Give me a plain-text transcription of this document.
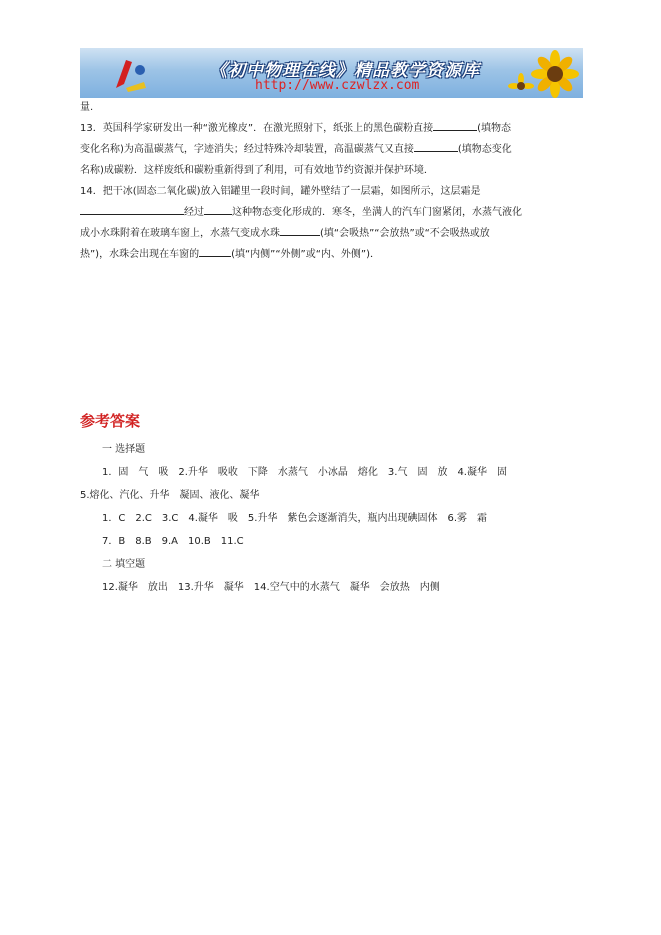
《初中物理在线》精品教学资源库
http://www.czwlzx.com
量.
13．英国科学家研发出一种“激光橡皮”．在激光照射下，纸张上的黑色碳粉直接	(填物态
变化名称)为高温碳蒸气，字迹消失；经过特殊冷却装置，高温碳蒸气又直接	(填物态变化
名称)成碳粉．这样废纸和碳粉重新得到了利用，可有效地节约资源并保护环境．
14．把干冰(固态二氧化碳)放入铝罐里一段时间，罐外壁结了一层霜，如图所示，这层霜是
经过	这种物态变化形成的．寒冬，坐满人的汽车门窗紧闭，水蒸气液化
成小水珠附着在玻璃车窗上，水蒸气变成水珠	(填“会吸热”“会放热”或“不会吸热或放
热”)，水珠会出现在车窗的	(填“内侧”“外侧”或“内、外侧”)．
参考答案
一 选择题
1．固　气　吸　2.升华　吸收　下降　水蒸气　小冰晶　熔化　3.气　固　放　4.凝华　固
5.熔化、汽化、升华　凝固、液化、凝华
1．C　2.C　3.C　4.凝华　吸　5.升华　紫色会逐渐消失，瓶内出现碘固体　6.雾　霜
7．B　8.B　9.A　10.B　11.C
二 填空题
12.凝华　放出　13.升华　凝华　14.空气中的水蒸气　凝华　会放热　内侧
